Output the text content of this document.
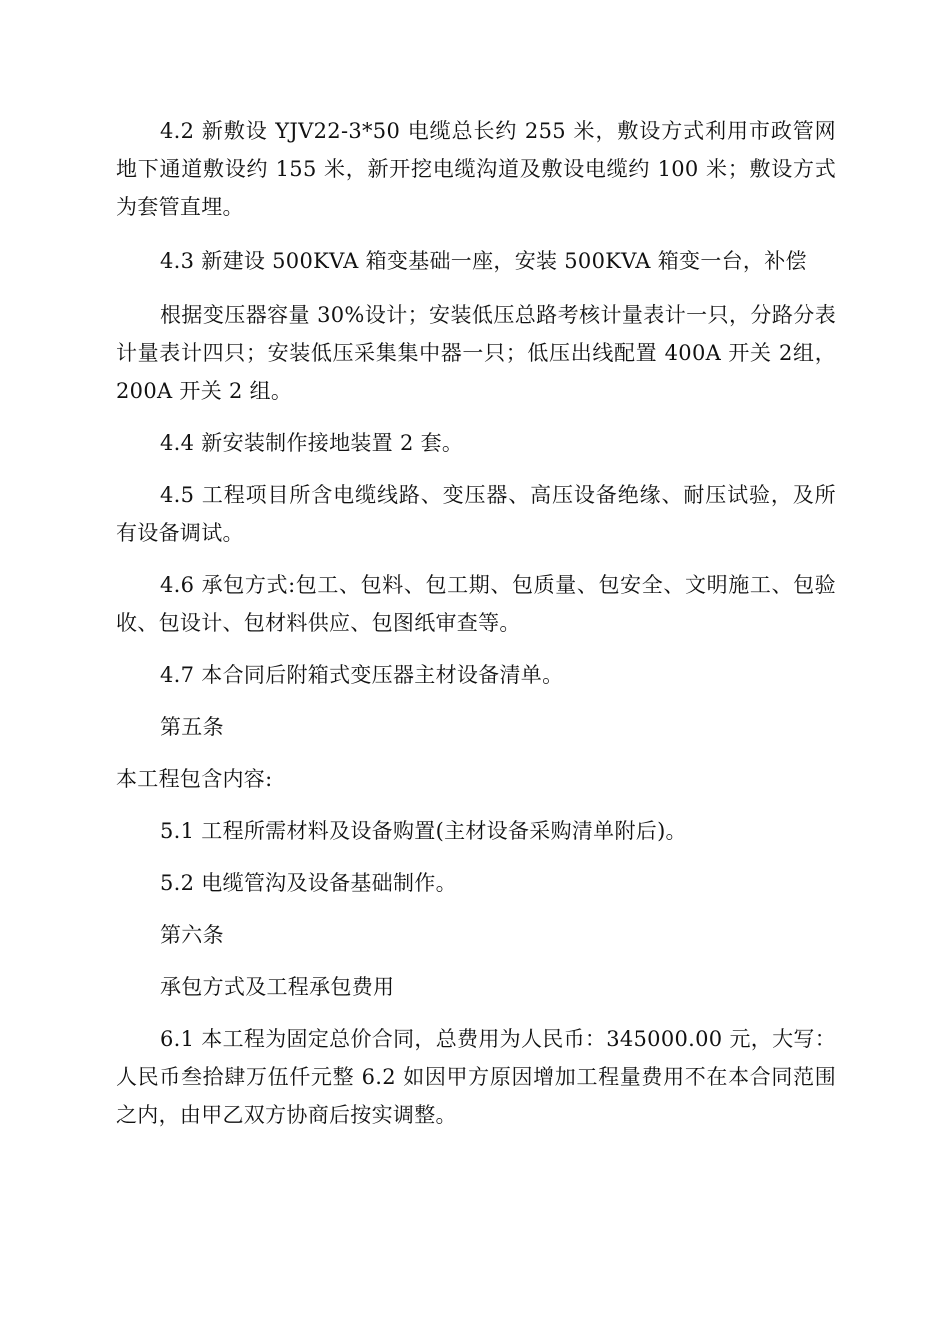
4.2 新敷设 YJV22-3*50 电缆总长约 255 米，敷设方式利用市政管网地下通道敷设约 155 米，新开挖电缆沟道及敷设电缆约 100 米；敷设方式为套管直埋。

4.3 新建设 500KVA 箱变基础一座，安装 500KVA 箱变一台，补偿

根据变压器容量 30%设计；安装低压总路考核计量表计一只，分路分表计量表计四只；安装低压采集集中器一只；低压出线配置 400A 开关 2组，200A 开关 2 组。

4.4 新安装制作接地装置 2 套。

4.5 工程项目所含电缆线路、变压器、高压设备绝缘、耐压试验，及所有设备调试。

4.6 承包方式:包工、包料、包工期、包质量、包安全、文明施工、包验收、包设计、包材料供应、包图纸审查等。

4.7 本合同后附箱式变压器主材设备清单。

第五条

本工程包含内容:

5.1 工程所需材料及设备购置(主材设备采购清单附后)。

5.2 电缆管沟及设备基础制作。

第六条

承包方式及工程承包费用

6.1 本工程为固定总价合同，总费用为人民币：345000.00 元，大写：人民币叁拾肆万伍仟元整 6.2 如因甲方原因增加工程量费用不在本合同范围之内，由甲乙双方协商后按实调整。
